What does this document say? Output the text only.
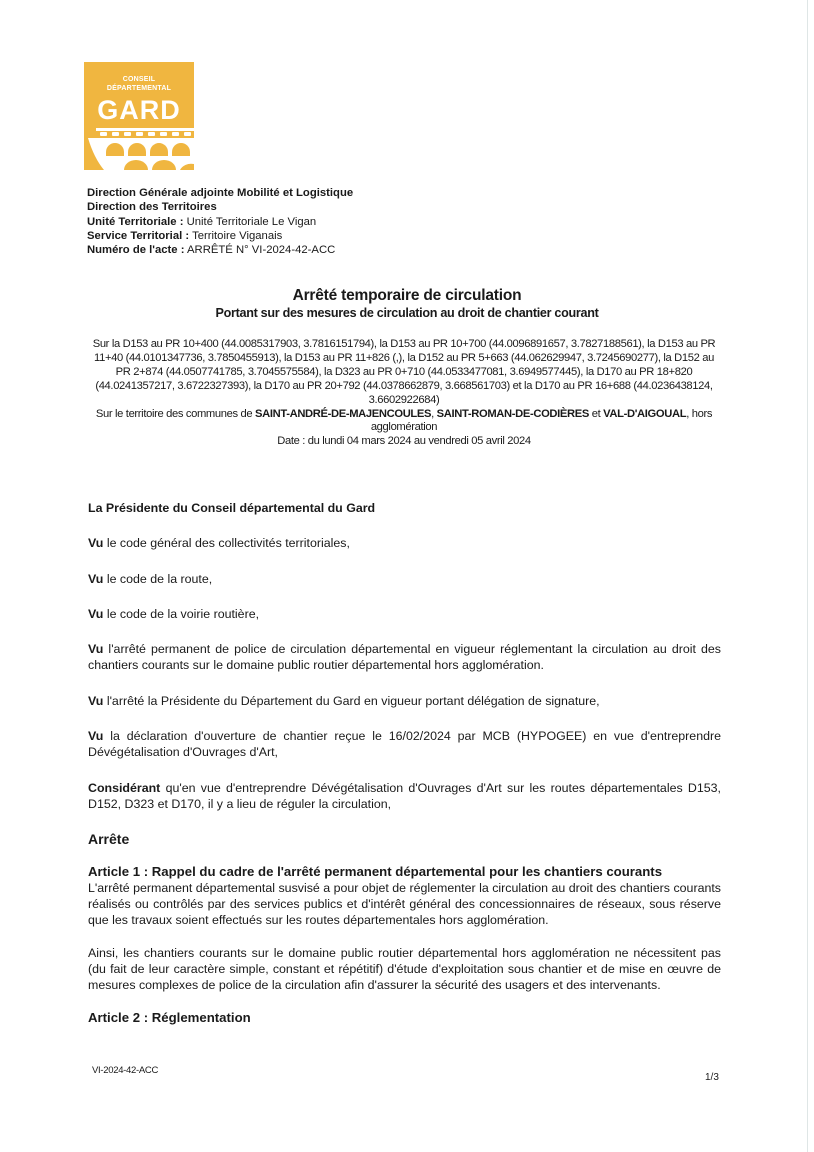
CONSEIL
DÉPARTEMENTAL
GARD
Direction Générale adjointe Mobilité et Logistique
Direction des Territoires
Unité Territoriale : Unité Territoriale Le Vigan
Service Territorial : Territoire Viganais
Numéro de l'acte : ARRÊTÉ N° VI-2024-42-ACC
Arrêté temporaire de circulation
Portant sur des mesures de circulation au droit de chantier courant
Sur la D153 au PR 10+400 (44.0085317903, 3.7816151794), la D153 au PR 10+700 (44.0096891657, 3.7827188561), la D153 au PR 11+40 (44.0101347736, 3.7850455913), la D153 au PR 11+826 (,), la D152 au PR 5+663 (44.062629947, 3.7245690277), la D152 au PR 2+874 (44.0507741785, 3.7045575584), la D323 au PR 0+710 (44.0533477081, 3.6949577445), la D170 au PR 18+820 (44.0241357217, 3.6722327393), la D170 au PR 20+792 (44.0378662879, 3.668561703) et la D170 au PR 16+688 (44.0236438124, 3.6602922684)
Sur le territoire des communes de SAINT-ANDRÉ-DE-MAJENCOULES, SAINT-ROMAN-DE-CODIÈRES et VAL-D'AIGOUAL, hors agglomération
Date : du lundi 04 mars 2024 au vendredi 05 avril 2024

La Présidente du Conseil départemental du Gard

Vu le code général des collectivités territoriales,

Vu le code de la route,

Vu le code de la voirie routière,

Vu l'arrêté permanent de police de circulation départemental en vigueur réglementant la circulation au droit des chantiers courants sur le domaine public routier départemental hors agglomération.

Vu l'arrêté la Présidente du Département du Gard en vigueur portant délégation de signature,

Vu la déclaration d'ouverture de chantier reçue le 16/02/2024 par MCB (HYPOGEE) en vue d'entreprendre Dévégétalisation d'Ouvrages d'Art,

Considérant qu'en vue d'entreprendre Dévégétalisation d'Ouvrages d'Art sur les routes départementales D153, D152, D323 et D170, il y a lieu de réguler la circulation,

Arrête

Article 1 : Rappel du cadre de l'arrêté permanent départemental pour les chantiers courants

L'arrêté permanent départemental susvisé a pour objet de réglementer la circulation au droit des chantiers courants réalisés ou contrôlés par des services publics et d'intérêt général des concessionnaires de réseaux, sous réserve que les travaux soient effectués sur les routes départementales hors agglomération.

Ainsi, les chantiers courants sur le domaine public routier départemental hors agglomération ne nécessitent pas (du fait de leur caractère simple, constant et répétitif) d'étude d'exploitation sous chantier et de mise en œuvre de mesures complexes de police de la circulation afin d'assurer la sécurité des usagers et des intervenants.

Article 2 : Réglementation

VI-2024-42-ACC
1/3
